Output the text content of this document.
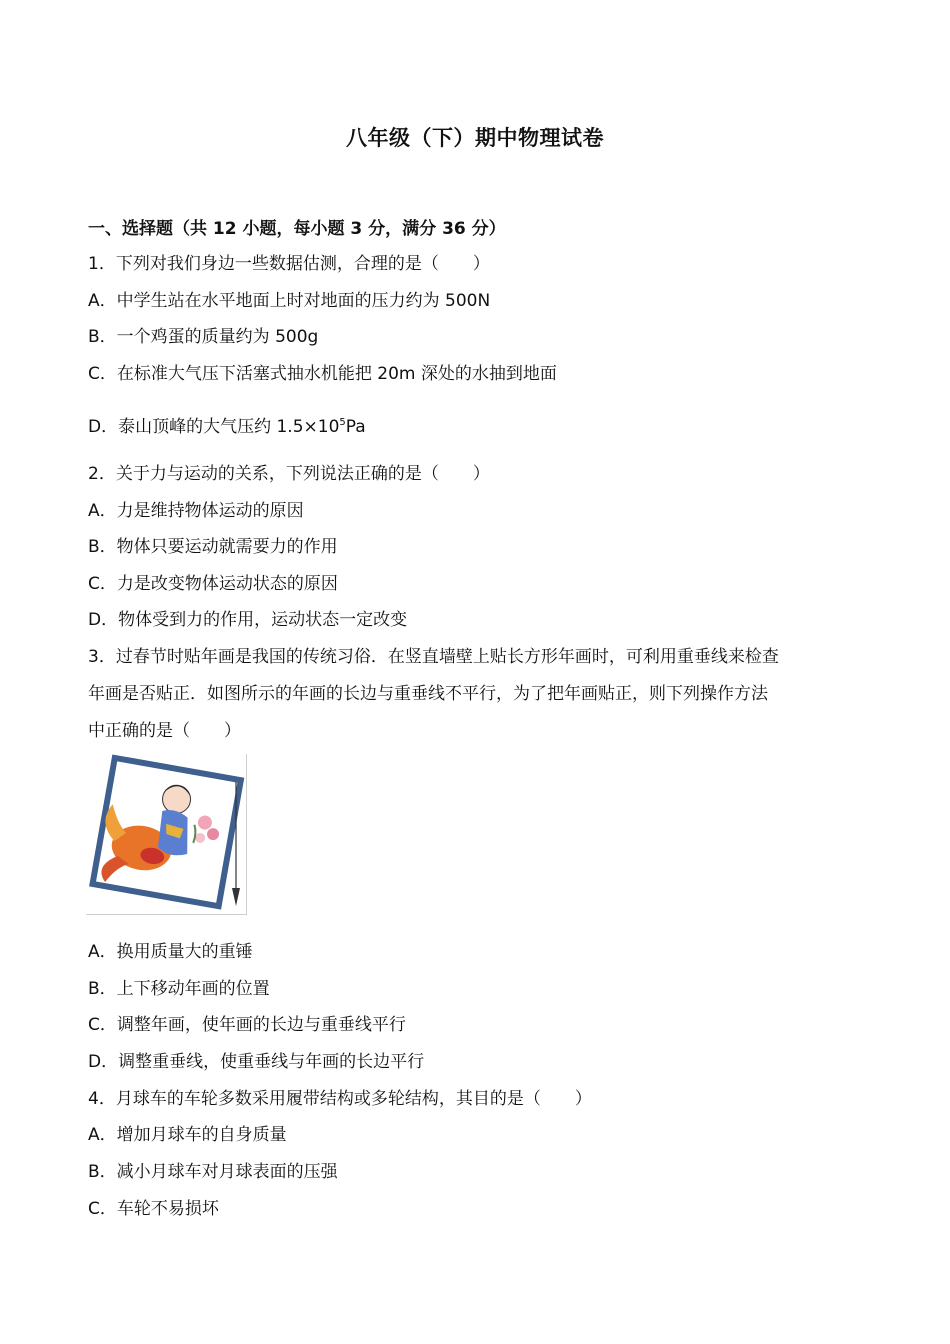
八年级（下）期中物理试卷
一、选择题（共 12 小题，每小题 3 分，满分 36 分）
1．下列对我们身边一些数据估测，合理的是（　　）
A．中学生站在水平地面上时对地面的压力约为 500N
B．一个鸡蛋的质量约为 500g
C．在标准大气压下活塞式抽水机能把 20m 深处的水抽到地面
D．泰山顶峰的大气压约 $1.5\times 10^5Pa$
2．关于力与运动的关系，下列说法正确的是（　　）
A．力是维持物体运动的原因
B．物体只要运动就需要力的作用
C．力是改变物体运动状态的原因
D．物体受到力的作用，运动状态一定改变
3．过春节时贴年画是我国的传统习俗．在竖直墙壁上贴长方形年画时，可利用重垂线来检查
年画是否贴正．如图所示的年画的长边与重垂线不平行，为了把年画贴正，则下列操作方法
中正确的是（　　）
A．换用质量大的重锤
B．上下移动年画的位置
C．调整年画，使年画的长边与重垂线平行
D．调整重垂线，使重垂线与年画的长边平行
4．月球车的车轮多数采用履带结构或多轮结构，其目的是（　　）
A．增加月球车的自身质量
B．减小月球车对月球表面的压强
C．车轮不易损坏
